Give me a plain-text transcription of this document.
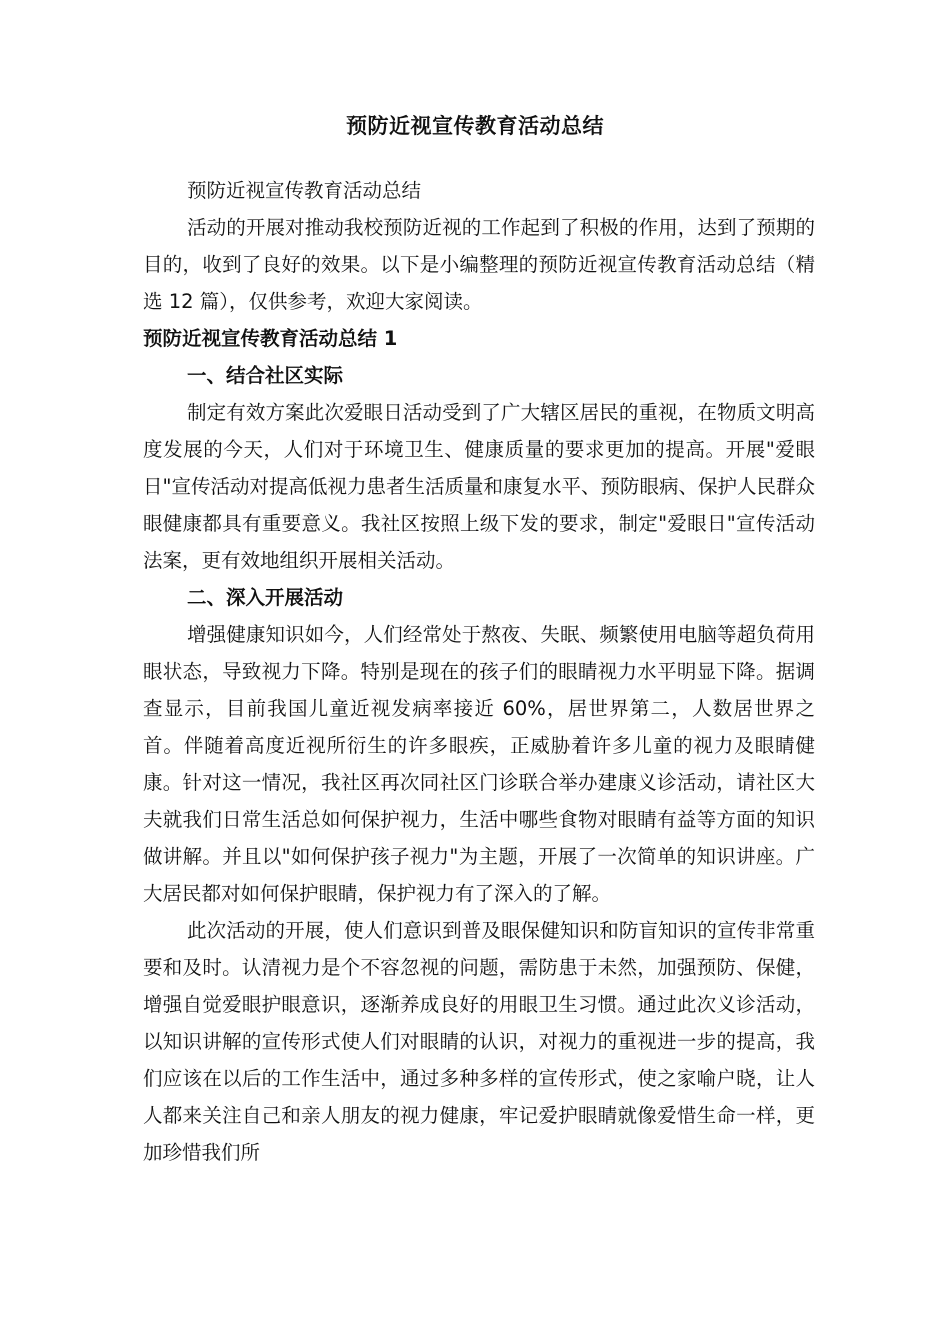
预防近视宣传教育活动总结

预防近视宣传教育活动总结

活动的开展对推动我校预防近视的工作起到了积极的作用，达到了预期的目的，收到了良好的效果。以下是小编整理的预防近视宣传教育活动总结（精选 12 篇），仅供参考，欢迎大家阅读。

预防近视宣传教育活动总结 1

一、结合社区实际

制定有效方案此次爱眼日活动受到了广大辖区居民的重视，在物质文明高度发展的今天，人们对于环境卫生、健康质量的要求更加的提高。开展"爱眼日"宣传活动对提高低视力患者生活质量和康复水平、预防眼病、保护人民群众眼健康都具有重要意义。我社区按照上级下发的要求，制定"爱眼日"宣传活动法案，更有效地组织开展相关活动。

二、深入开展活动

增强健康知识如今，人们经常处于熬夜、失眠、频繁使用电脑等超负荷用眼状态，导致视力下降。特别是现在的孩子们的眼睛视力水平明显下降。据调查显示，目前我国儿童近视发病率接近 60%，居世界第二，人数居世界之首。伴随着高度近视所衍生的许多眼疾，正威胁着许多儿童的视力及眼睛健康。针对这一情况，我社区再次同社区门诊联合举办建康义诊活动，请社区大夫就我们日常生活总如何保护视力，生活中哪些食物对眼睛有益等方面的知识做讲解。并且以"如何保护孩子视力"为主题，开展了一次简单的知识讲座。广大居民都对如何保护眼睛，保护视力有了深入的了解。

此次活动的开展，使人们意识到普及眼保健知识和防盲知识的宣传非常重要和及时。认清视力是个不容忽视的问题，需防患于未然，加强预防、保健，增强自觉爱眼护眼意识，逐渐养成良好的用眼卫生习惯。通过此次义诊活动，以知识讲解的宣传形式使人们对眼睛的认识，对视力的重视进一步的提高，我们应该在以后的工作生活中，通过多种多样的宣传形式，使之家喻户晓，让人人都来关注自己和亲人朋友的视力健康，牢记爱护眼睛就像爱惜生命一样，更加珍惜我们所
